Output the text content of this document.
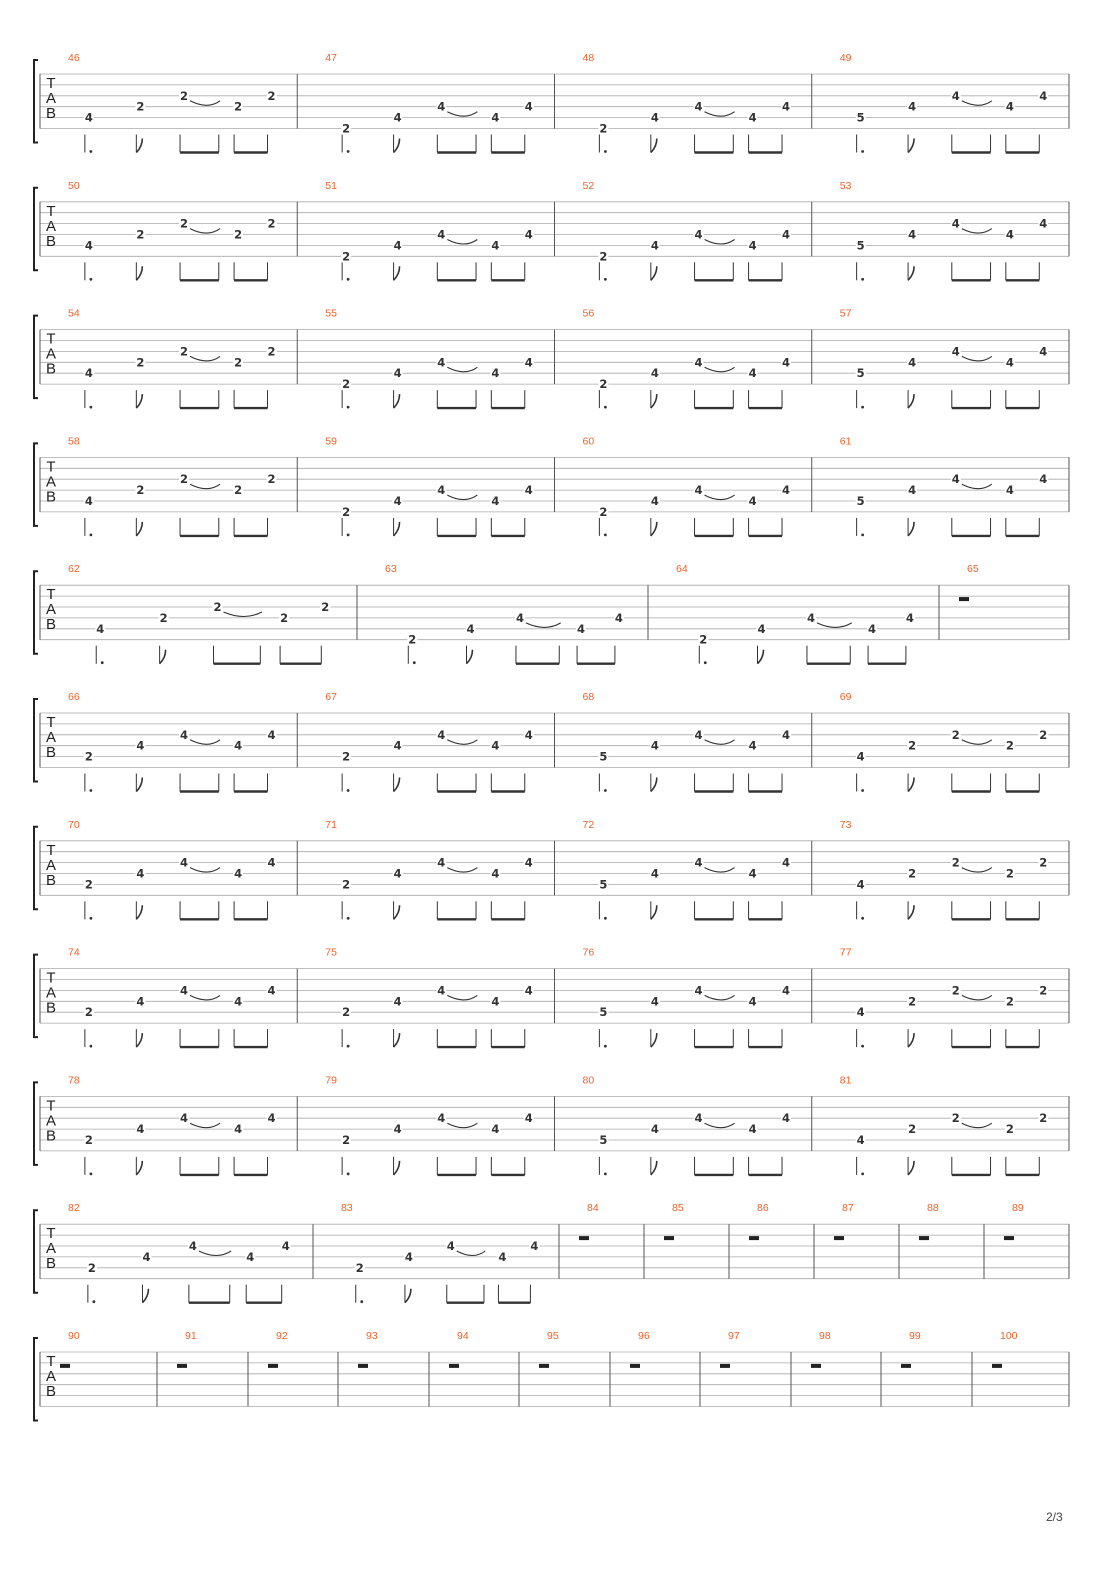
T
A
B
46
4
2
2
2
2
47
2
4
4
4
4
48
2
4
4
4
4
49
5
4
4
4
4
T
A
B
50
4
2
2
2
2
51
2
4
4
4
4
52
2
4
4
4
4
53
5
4
4
4
4
T
A
B
54
4
2
2
2
2
55
2
4
4
4
4
56
2
4
4
4
4
57
5
4
4
4
4
T
A
B
58
4
2
2
2
2
59
2
4
4
4
4
60
2
4
4
4
4
61
5
4
4
4
4
T
A
B
62
4
2
2
2
2
63
2
4
4
4
4
64
2
4
4
4
4
65
T
A
B
66
2
4
4
4
4
67
2
4
4
4
4
68
5
4
4
4
4
69
4
2
2
2
2
T
A
B
70
2
4
4
4
4
71
2
4
4
4
4
72
5
4
4
4
4
73
4
2
2
2
2
T
A
B
74
2
4
4
4
4
75
2
4
4
4
4
76
5
4
4
4
4
77
4
2
2
2
2
T
A
B
78
2
4
4
4
4
79
2
4
4
4
4
80
5
4
4
4
4
81
4
2
2
2
2
T
A
B
82
2
4
4
4
4
83
2
4
4
4
4
84	85	86	87	88	89
T
A
B
90	91	92	93	94	95	96	97	98	99	100
2/3
